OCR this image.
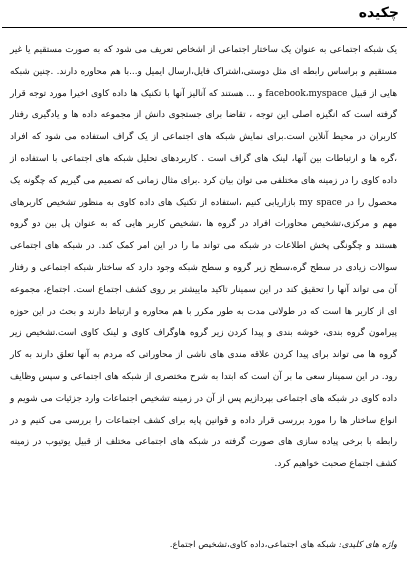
چکیده

یک شبکه اجتماعی به عنوان یک ساختار اجتماعی از اشخاص تعریف می شود که به صورت مستقیم یا غیر مستقیم و براساس رابطه ای مثل دوستی،اشتراک فایل،ارسال ایمیل و...با هم محاوره دارند. .چنین شبکه هایی از قبیل facebook،myspace و ... هستند که آنالیز آنها با تکنیک ها داده کاوی اخیرا مورد توجه قرار گرفته است که انگیزه اصلی این توجه ، تقاضا برای جستجوی دانش از مجموعه داده ها و یادگیری رفتار کاربران در محیط آنلاین است.برای نمایش شبکه های اجتماعی از یک گراف استفاده می شود که افراد ،گره ها و ارتباطات بین آنها، لینک های گراف است . کاربردهای تحلیل شبکه های اجتماعی با استفاده از داده کاوی را در زمینه های مختلفی می توان بیان کرد .برای مثال زمانی که تصمیم می گیریم که چگونه یک محصول را در my space بازاریابی کنیم ،استفاده از تکنیک های داده کاوی به منظور تشخیص کاربرهای مهم و مرکزی،تشخیص محاورات افراد در گروه ها ،تشخیص کاربر هایی که به عنوان پل بین دو گروه هستند و چگونگی پخش اطلاعات در شبکه می تواند ما را در این امر کمک کند. در شبکه های اجتماعی سوالات زیادی در سطح گره،سطح زیر گروه و سطح شبکه وجود دارد که ساختار شبکه اجتماعی و رفتار آن می تواند آنها را تحقیق کند در این سمینار تاکید ماییشتر بر روی کشف اجتماع است. اجتماع، مجموعه ای از کاربر ها است که در طولانی مدت به طور مکرر با هم محاوره و ارتباط دارند و بحث در این حوزه پیرامون گروه بندی، خوشه بندی و پیدا کردن زیر گروه هاوگراف کاوی و لینک کاوی است.تشخیص زیر گروه ها می تواند برای پیدا کردن علاقه مندی های ناشی از محاوراتی که مردم به آنها تعلق دارند به کار رود. در این سمینار سعی ما بر آن است که ابتدا به شرح مختصری از شبکه های اجتماعی و سپس وظایف داده کاوی در شبکه های اجتماعی بپردازیم پس از آن در زمینه تشخیص اجتماعات وارد جزئیات می شویم و انواع ساختار ها را مورد بررسی قرار داده و قوانین پایه برای کشف اجتماعات را بررسی می کنیم و در رابطه با برخی پیاده سازی های صورت گرفته در شبکه های اجتماعی مختلف از قبیل یوتیوب در زمینه کشف اجتماع صحبت خواهیم کرد.

واژه های کلیدی: شبکه های اجتماعی،داده کاوی،تشخیص اجتماع.
